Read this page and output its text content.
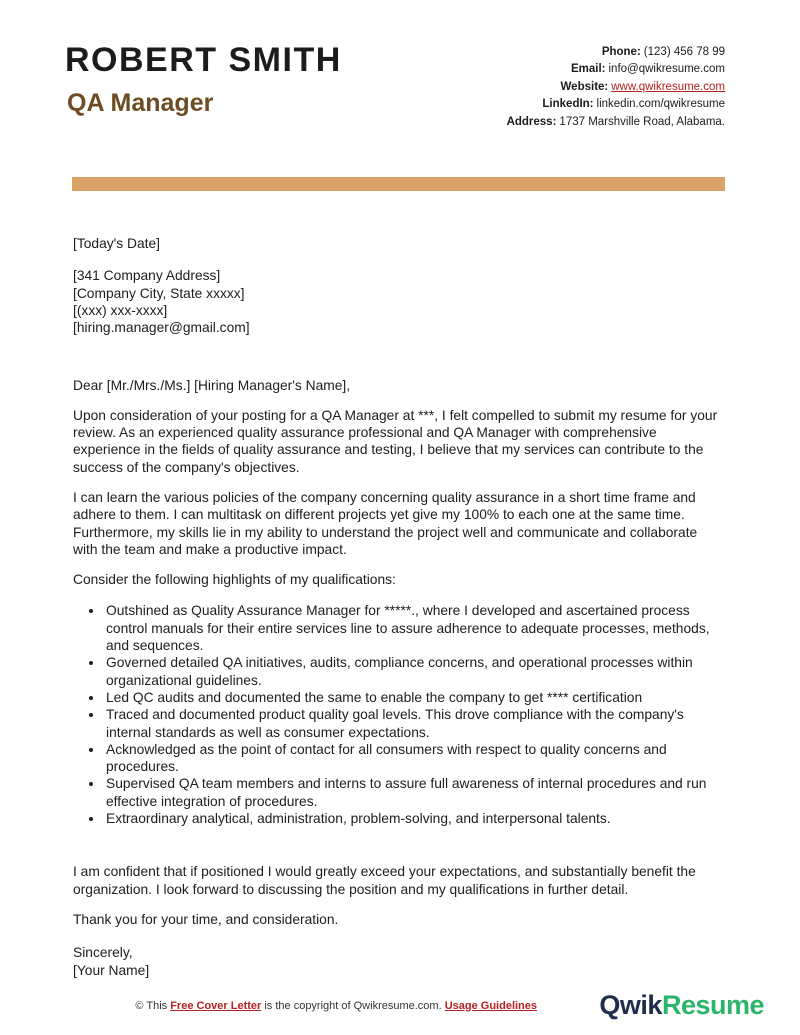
ROBERT SMITH
QA Manager
Phone: (123) 456 78 99
Email: info@qwikresume.com
Website: www.qwikresume.com
LinkedIn: linkedin.com/qwikresume
Address: 1737 Marshville Road, Alabama.

[Today's Date]

[341 Company Address]
[Company City, State xxxxx]
[(xxx) xxx-xxxx]
[hiring.manager@gmail.com]

Dear [Mr./Mrs./Ms.] [Hiring Manager's Name],

Upon consideration of your posting for a QA Manager at ***, I felt compelled to submit my resume for your review. As an experienced quality assurance professional and QA Manager with comprehensive experience in the fields of quality assurance and testing, I believe that my services can contribute to the success of the company's objectives.

I can learn the various policies of the company concerning quality assurance in a short time frame and adhere to them. I can multitask on different projects yet give my 100% to each one at the same time. Furthermore, my skills lie in my ability to understand the project well and communicate and collaborate with the team and make a productive impact.

Consider the following highlights of my qualifications:

• Outshined as Quality Assurance Manager for *****., where I developed and ascertained process control manuals for their entire services line to assure adherence to adequate processes, methods, and sequences.
• Governed detailed QA initiatives, audits, compliance concerns, and operational processes within organizational guidelines.
• Led QC audits and documented the same to enable the company to get **** certification
• Traced and documented product quality goal levels. This drove compliance with the company's internal standards as well as consumer expectations.
• Acknowledged as the point of contact for all consumers with respect to quality concerns and procedures.
• Supervised QA team members and interns to assure full awareness of internal procedures and run effective integration of procedures.
• Extraordinary analytical, administration, problem-solving, and interpersonal talents.

I am confident that if positioned I would greatly exceed your expectations, and substantially benefit the organization. I look forward to discussing the position and my qualifications in further detail.

Thank you for your time, and consideration.

Sincerely,
[Your Name]
© This Free Cover Letter is the copyright of Qwikresume.com. Usage Guidelines	QwikResume
